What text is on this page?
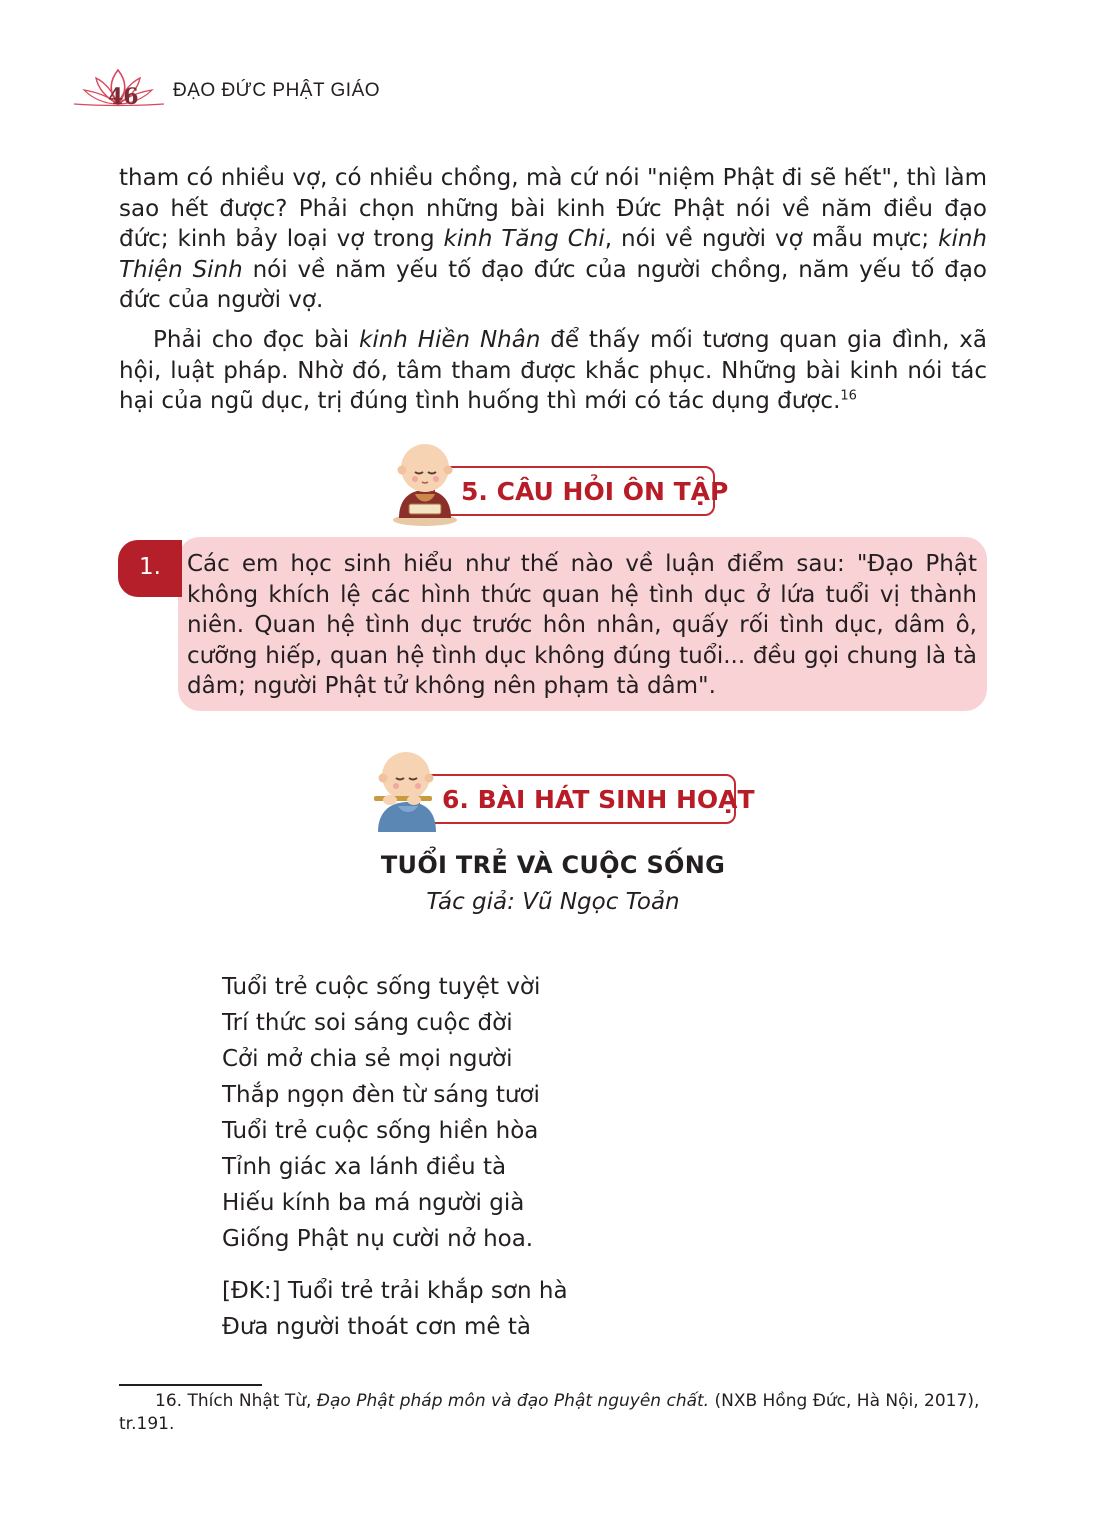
46 ĐẠO ĐỨC PHẬT GIÁO

tham có nhiều vợ, có nhiều chồng, mà cứ nói "niệm Phật đi sẽ hết", thì làm sao hết được? Phải chọn những bài kinh Đức Phật nói về năm điều đạo đức; kinh bảy loại vợ trong kinh Tăng Chi, nói về người vợ mẫu mực; kinh Thiện Sinh nói về năm yếu tố đạo đức của người chồng, năm yếu tố đạo đức của người vợ.

Phải cho đọc bài kinh Hiền Nhân để thấy mối tương quan gia đình, xã hội, luật pháp. Nhờ đó, tâm tham được khắc phục. Những bài kinh nói tác hại của ngũ dục, trị đúng tình huống thì mới có tác dụng được.$^{16}$

5. CÂU HỎI ÔN TẬP
1.	Các em học sinh hiểu như thế nào về luận điểm sau: "Đạo Phật không khích lệ các hình thức quan hệ tình dục ở lứa tuổi vị thành niên. Quan hệ tình dục trước hôn nhân, quấy rối tình dục, dâm ô, cưỡng hiếp, quan hệ tình dục không đúng tuổi... đều gọi chung là tà dâm; người Phật tử không nên phạm tà dâm".

6. BÀI HÁT SINH HOẠT
TUỔI TRẺ VÀ CUỘC SỐNG
Tác giả: Vũ Ngọc Toản
Tuổi trẻ cuộc sống tuyệt vời
Trí thức soi sáng cuộc đời
Cởi mở chia sẻ mọi người
Thắp ngọn đèn từ sáng tươi
Tuổi trẻ cuộc sống hiền hòa
Tỉnh giác xa lánh điều tà
Hiếu kính ba má người già
Giống Phật nụ cười nở hoa.
[ĐK:] Tuổi trẻ trải khắp sơn hà
Đưa người thoát cơn mê tà

16. Thích Nhật Từ, Đạo Phật pháp môn và đạo Phật nguyên chất. (NXB Hồng Đức, Hà Nội, 2017), tr.191.
